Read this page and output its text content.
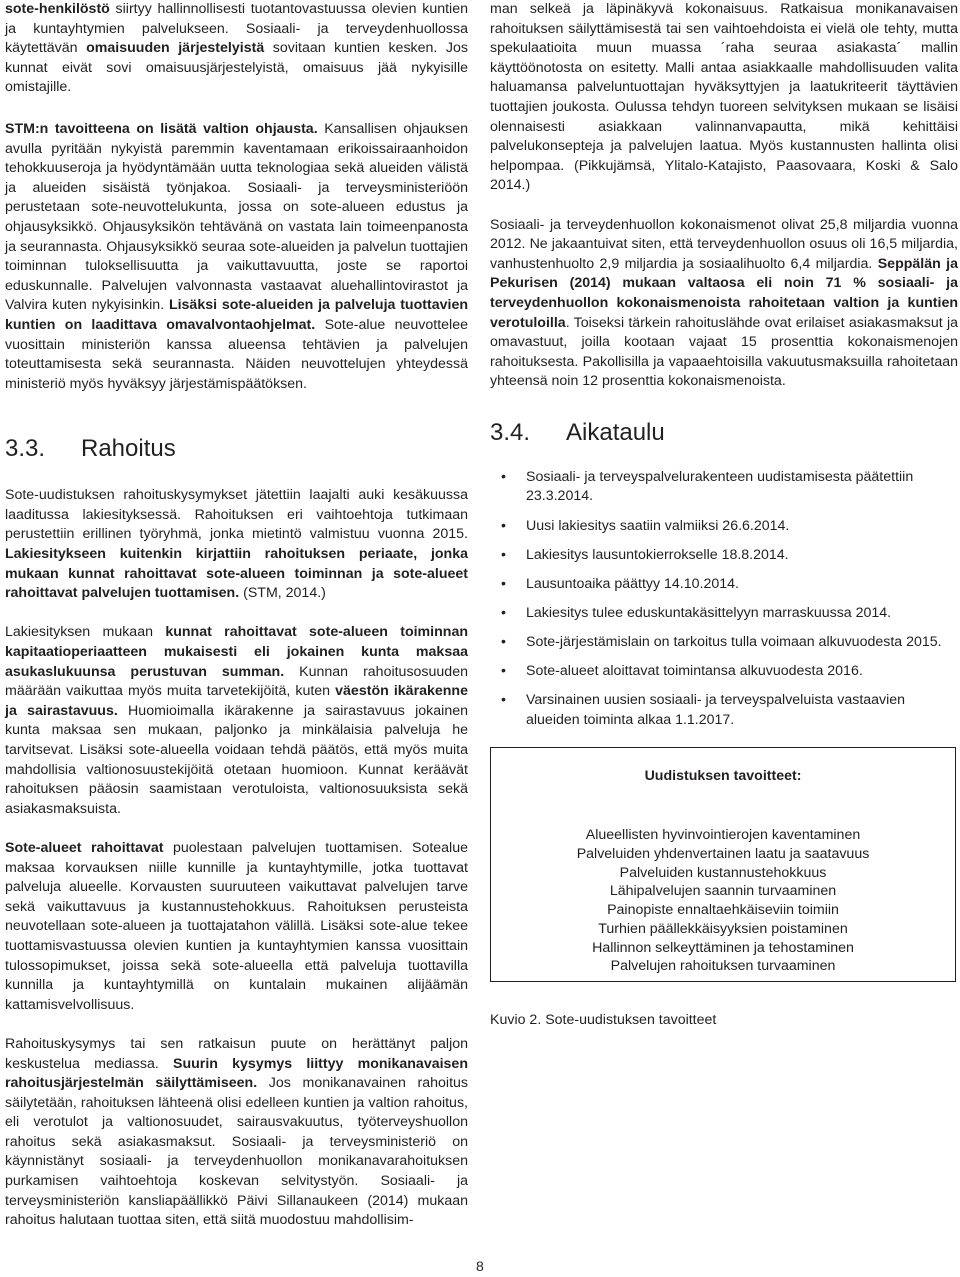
sote-henkilöstö siirtyy hallinnollisesti tuotantovastuussa olevien kuntien ja kuntayhtymien palvelukseen. Sosiaali- ja terveydenhuollossa käytettävän omaisuuden järjestelyistä sovitaan kuntien kesken. Jos kunnat eivät sovi omaisuusjärjestelyistä, omaisuus jää nykyisille omistajille.

STM:n tavoitteena on lisätä valtion ohjausta. Kansallisen ohjauksen avulla pyritään nykyistä paremmin kaventamaan erikoissairaanhoidon tehokkuuseroja ja hyödyntämään uutta teknologiaa sekä alueiden välistä ja alueiden sisäistä työnjakoa. Sosiaali- ja terveysministeriöön perustetaan sote-neuvottelukunta, jossa on sote-alueen edustus ja ohjausyksikkö. Ohjausyksikön tehtävänä on vastata lain toimeenpanosta ja seurannasta. Ohjausyksikkö seuraa sote-alueiden ja palvelun tuottajien toiminnan tuloksellisuutta ja vaikuttavuutta, joste se raportoi eduskunnalle. Palvelujen valvonnasta vastaavat aluehallintovirastot ja Valvira kuten nykyisinkin. Lisäksi sote-alueiden ja palveluja tuottavien kuntien on laadittava omavalvontaohjelmat. Sote-alue neuvottelee vuosittain ministeriön kanssa alueensa tehtävien ja palvelujen toteuttamisesta sekä seurannasta. Näiden neuvottelujen yhteydessä ministeriö myös hyväksyy järjestämispäätöksen.

3.3.	Rahoitus

Sote-uudistuksen rahoituskysymykset jätettiin laajalti auki kesäkuussa laaditussa lakiesityksessä. Rahoituksen eri vaihtoehtoja tutkimaan perustettiin erillinen työryhmä, jonka mietintö valmistuu vuonna 2015. Lakiesitykseen kuitenkin kirjattiin rahoituksen periaate, jonka mukaan kunnat rahoittavat sote-alueen toiminnan ja sote-alueet rahoittavat palvelujen tuottamisen. (STM, 2014.)

Lakiesityksen mukaan kunnat rahoittavat sote-alueen toiminnan kapitaatioperiaatteen mukaisesti eli jokainen kunta maksaa asukaslukuunsa perustuvan summan. Kunnan rahoitusosuuden määrään vaikuttaa myös muita tarvetekijöitä, kuten väestön ikärakenne ja sairastavuus. Huomioimalla ikärakenne ja sairastavuus jokainen kunta maksaa sen mukaan, paljonko ja minkälaisia palveluja he tarvitsevat. Lisäksi sote-alueella voidaan tehdä päätös, että myös muita mahdollisia valtionosuustekijöitä otetaan huomioon. Kunnat keräävät rahoituksen pääosin saamistaan verotuloista, valtionosuuksista sekä asiakasmaksuista.

Sote-alueet rahoittavat puolestaan palvelujen tuottamisen. Sotealue maksaa korvauksen niille kunnille ja kuntayhtymille, jotka tuottavat palveluja alueelle. Korvausten suuruuteen vaikuttavat palvelujen tarve sekä vaikuttavuus ja kustannustehokkuus. Rahoituksen perusteista neuvotellaan sote-alueen ja tuottajatahon välillä. Lisäksi sote-alue tekee tuottamisvastuussa olevien kuntien ja kuntayhtymien kanssa vuosittain tulossopimukset, joissa sekä sote-alueella että palveluja tuottavilla kunnilla ja kuntayhtymillä on kuntalain mukainen alijäämän kattamisvelvollisuus.

Rahoituskysymys tai sen ratkaisun puute on herättänyt paljon keskustelua mediassa. Suurin kysymys liittyy monikanavaisen rahoitusjärjestelmän säilyttämiseen. Jos monikanavainen rahoitus säilytetään, rahoituksen lähteenä olisi edelleen kuntien ja valtion rahoitus, eli verotulot ja valtionosuudet, sairausvakuutus, työterveyshuollon rahoitus sekä asiakasmaksut. Sosiaali- ja terveysministeriö on käynnistänyt sosiaali- ja terveydenhuollon monikanavarahoituksen purkamisen vaihtoehtoja koskevan selvitystyön. Sosiaali- ja terveysministeriön kansliapäällikkö Päivi Sillanaukeen (2014) mukaan rahoitus halutaan tuottaa siten, että siitä muodostuu mahdollisim-

man selkeä ja läpinäkyvä kokonaisuus. Ratkaisua monikanavaisen rahoituksen säilyttämisestä tai sen vaihtoehdoista ei vielä ole tehty, mutta spekulaatioita muun muassa ´raha seuraa asiakasta´ mallin käyttöönotosta on esitetty. Malli antaa asiakkaalle mahdollisuuden valita haluamansa palveluntuottajan hyväksyttyjen ja laatukriteerit täyttävien tuottajien joukosta. Oulussa tehdyn tuoreen selvityksen mukaan se lisäisi olennaisesti asiakkaan valinnanvapautta, mikä kehittäisi palvelukonsepteja ja palvelujen laatua. Myös kustannusten hallinta olisi helpompaa. (Pikkujämsä, Ylitalo-Katajisto, Paasovaara, Koski & Salo 2014.)

Sosiaali- ja terveydenhuollon kokonaismenot olivat 25,8 miljardia vuonna 2012. Ne jakaantuivat siten, että terveydenhuollon osuus oli 16,5 miljardia, vanhustenhuolto 2,9 miljardia ja sosiaalihuolto 6,4 miljardia. Seppälän ja Pekurisen (2014) mukaan valtaosa eli noin 71 % sosiaali- ja terveydenhuollon kokonaismenoista rahoitetaan valtion ja kuntien verotuloilla. Toiseksi tärkein rahoituslähde ovat erilaiset asiakasmaksut ja omavastuut, joilla kootaan vajaat 15 prosenttia kokonaismenojen rahoituksesta. Pakollisilla ja vapaaehtoisilla vakuutusmaksuilla rahoitetaan yhteensä noin 12 prosenttia kokonaismenoista.

3.4.	Aikataulu
• Sosiaali- ja terveyspalvelurakenteen uudistamisesta päätettiin 23.3.2014.
• Uusi lakiesitys saatiin valmiiksi 26.6.2014.
• Lakiesitys lausuntokierrokselle 18.8.2014.
• Lausuntoaika päättyy 14.10.2014.
• Lakiesitys tulee eduskuntakäsittelyyn marraskuussa 2014.
• Sote-järjestämislain on tarkoitus tulla voimaan alkuvuodesta 2015.
• Sote-alueet aloittavat toimintansa alkuvuodesta 2016.
• Varsinainen uusien sosiaali- ja terveyspalveluista vastaavien alueiden toiminta alkaa 1.1.2017.
Uudistuksen tavoitteet:
Alueellisten hyvinvointierojen kaventaminen
Palveluiden yhdenvertainen laatu ja saatavuus
Palveluiden kustannustehokkuus
Lähipalvelujen saannin turvaaminen
Painopiste ennaltaehkäiseviin toimiin
Turhien päällekkäisyyksien poistaminen
Hallinnon selkeyttäminen ja tehostaminen
Palvelujen rahoituksen turvaaminen
Kuvio 2. Sote-uudistuksen tavoitteet
8
